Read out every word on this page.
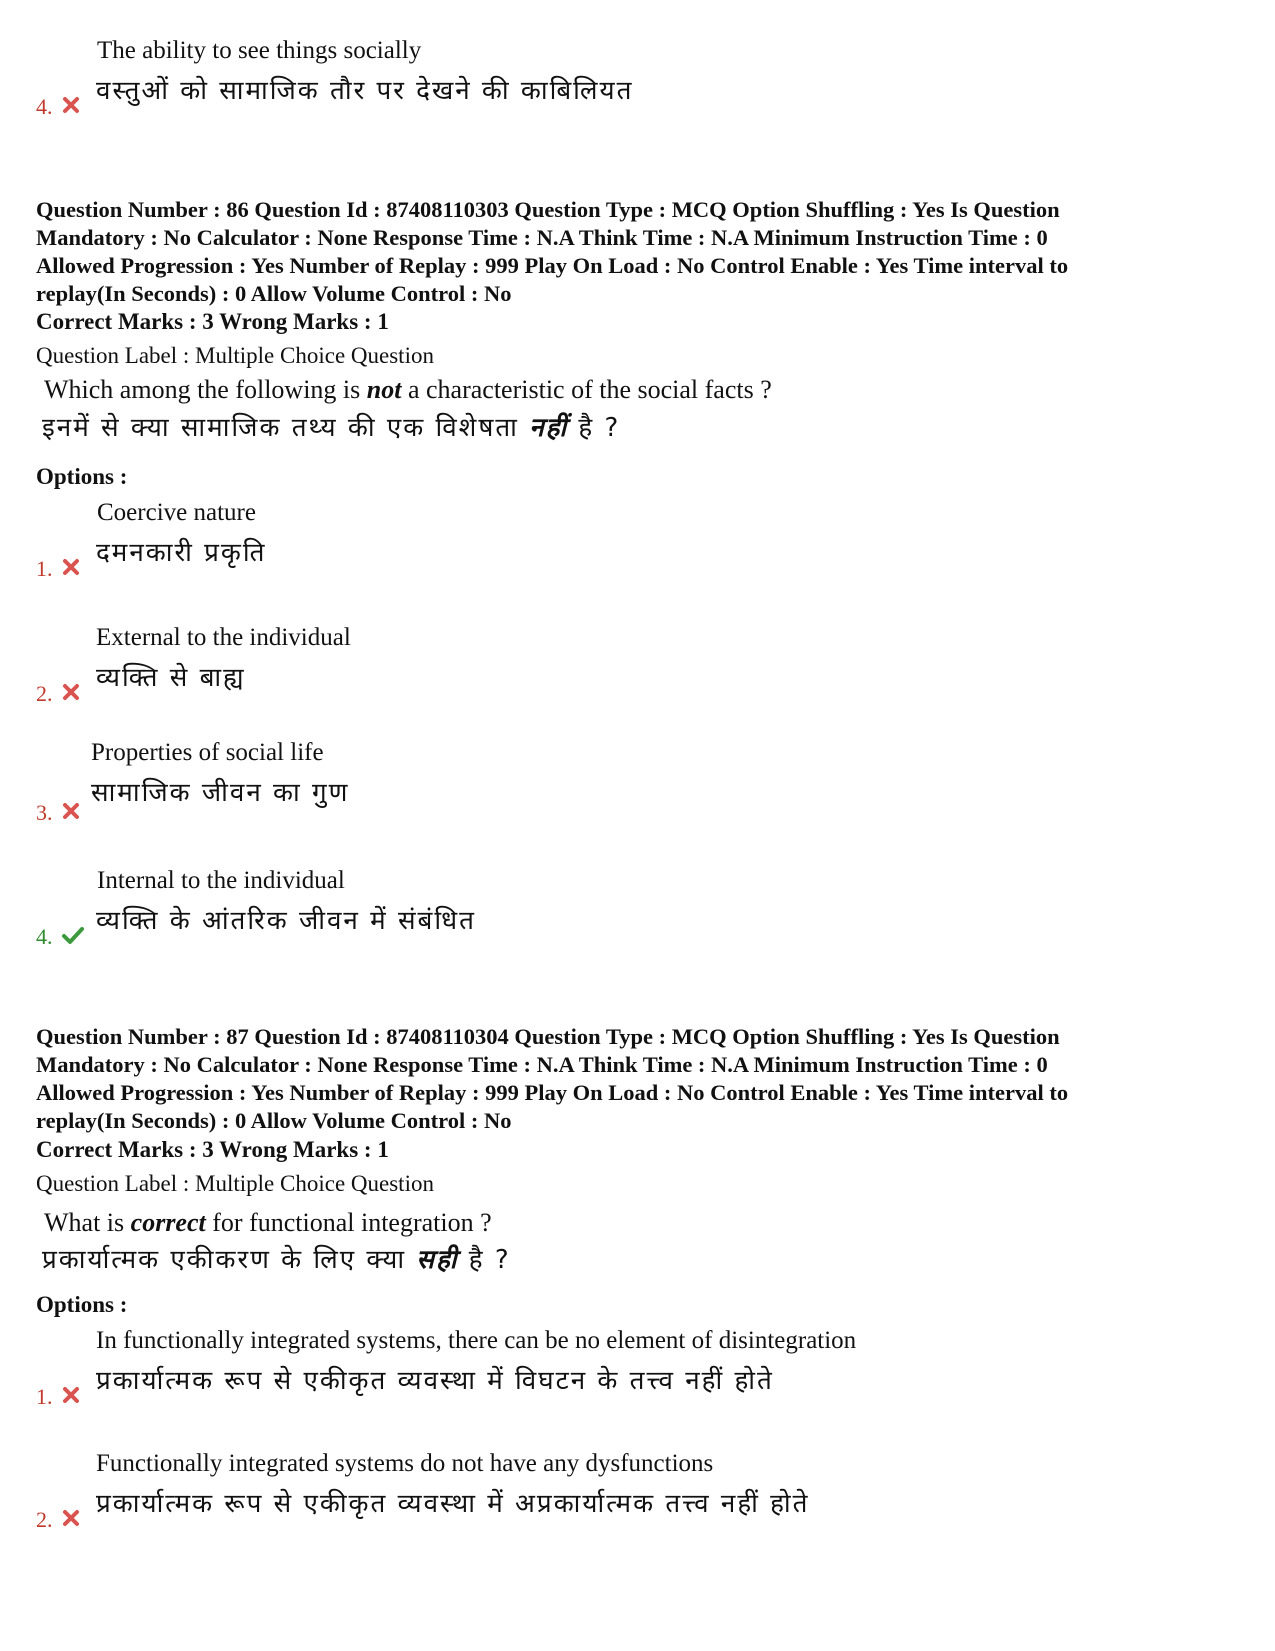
The ability to see things socially
वस्तुओं को सामाजिक तौर पर देखने की काबिलियत
4.
Question Number : 86 Question Id : 87408110303 Question Type : MCQ Option Shuffling : Yes Is Question
Mandatory : No Calculator : None Response Time : N.A Think Time : N.A Minimum Instruction Time : 0
Allowed Progression : Yes Number of Replay : 999 Play On Load : No Control Enable : Yes Time interval to
replay(In Seconds) : 0 Allow Volume Control : No
Correct Marks : 3 Wrong Marks : 1
Question Label : Multiple Choice Question
Which among the following is not a characteristic of the social facts ?
इनमें से क्या सामाजिक तथ्य की एक विशेषता नहीं है ?
Options :
Coercive nature
दमनकारी प्रकृति
1.
External to the individual
व्यक्ति से बाह्य
2.
Properties of social life
सामाजिक जीवन का गुण
3.
Internal to the individual
व्यक्ति के आंतरिक जीवन में संबंधित
4.
Question Number : 87 Question Id : 87408110304 Question Type : MCQ Option Shuffling : Yes Is Question
Mandatory : No Calculator : None Response Time : N.A Think Time : N.A Minimum Instruction Time : 0
Allowed Progression : Yes Number of Replay : 999 Play On Load : No Control Enable : Yes Time interval to
replay(In Seconds) : 0 Allow Volume Control : No
Correct Marks : 3 Wrong Marks : 1
Question Label : Multiple Choice Question
What is correct for functional integration ?
प्रकार्यात्मक एकीकरण के लिए क्या सही है ?
Options :
In functionally integrated systems, there can be no element of disintegration
प्रकार्यात्मक रूप से एकीकृत व्यवस्था में विघटन के तत्त्व नहीं होते
1.
Functionally integrated systems do not have any dysfunctions
प्रकार्यात्मक रूप से एकीकृत व्यवस्था में अप्रकार्यात्मक तत्त्व नहीं होते
2.
